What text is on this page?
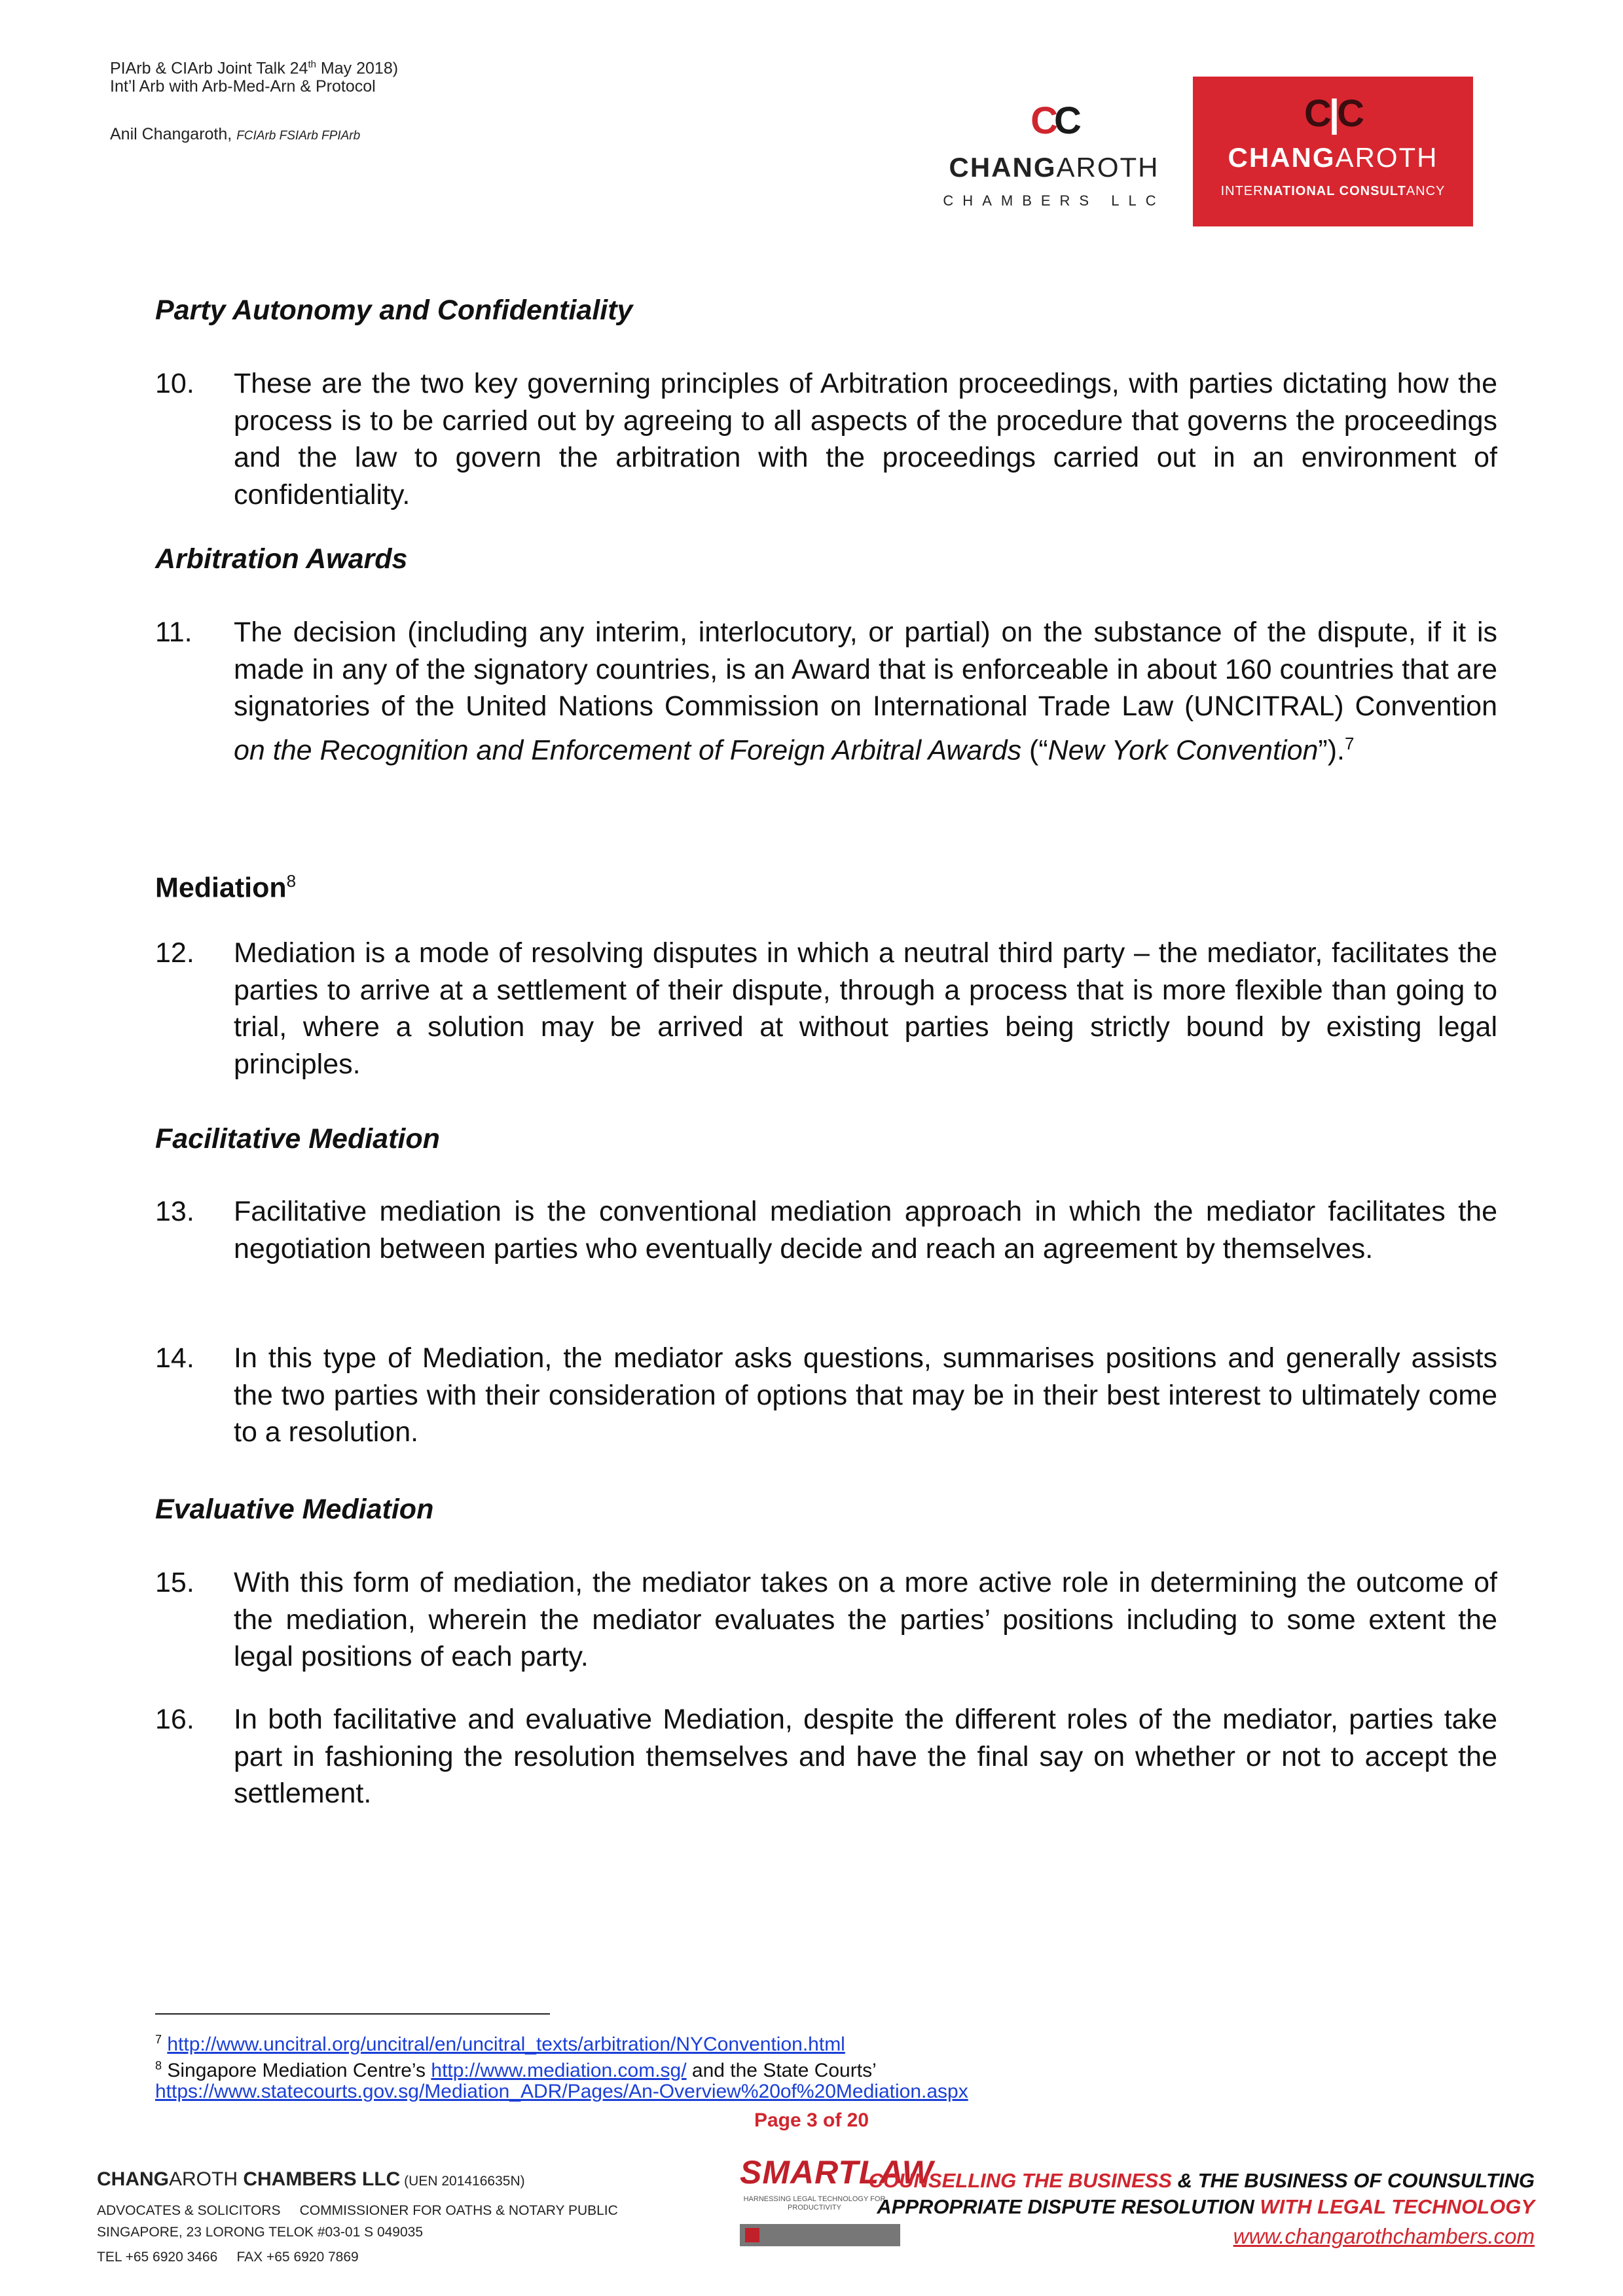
PIArb & CIArb Joint Talk 24th May 2018)
Int’l Arb with Arb-Med-Arn & Protocol
Anil Changaroth, FCIArb FSIArb FPIArb	CC
CHANGAROTH
CHAMBERS LLC
C|C
CHANGAROTH
INTERNATIONAL CONSULTANCY
Party Autonomy and Confidentiality
10. These are the two key governing principles of Arbitration proceedings, with parties dictating how the process is to be carried out by agreeing to all aspects of the procedure that governs the proceedings and the law to govern the arbitration with the proceedings carried out in an environment of confidentiality.
Arbitration Awards
11. The decision (including any interim, interlocutory, or partial) on the substance of the dispute, if it is made in any of the signatory countries, is an Award that is enforceable in about 160 countries that are signatories of the United Nations Commission on International Trade Law (UNCITRAL) Convention on the Recognition and Enforcement of Foreign Arbitral Awards (“New York Convention”).$^7$
Mediation$^8$
12. Mediation is a mode of resolving disputes in which a neutral third party – the mediator, facilitates the parties to arrive at a settlement of their dispute, through a process that is more flexible than going to trial, where a solution may be arrived at without parties being strictly bound by existing legal principles.
Facilitative Mediation
13. Facilitative mediation is the conventional mediation approach in which the mediator facilitates the negotiation between parties who eventually decide and reach an agreement by themselves.
14. In this type of Mediation, the mediator asks questions, summarises positions and generally assists the two parties with their consideration of options that may be in their best interest to ultimately come to a resolution.
Evaluative Mediation
15. With this form of mediation, the mediator takes on a more active role in determining the outcome of the mediation, wherein the mediator evaluates the parties’ positions including to some extent the legal positions of each party.
16. In both facilitative and evaluative Mediation, despite the different roles of the mediator, parties take part in fashioning the resolution themselves and have the final say on whether or not to accept the settlement.
$^7$ http://www.uncitral.org/uncitral/en/uncitral_texts/arbitration/NYConvention.html
$^8$ Singapore Mediation Centre’s http://www.mediation.com.sg/ and the State Courts’
https://www.statecourts.gov.sg/Mediation_ADR/Pages/An-Overview%20of%20Mediation.aspx
Page 3 of 20
CHANGAROTH CHAMBERS LLC (UEN 201416635N)
ADVOCATES & SOLICITORS     COMMISSIONER FOR OATHS & NOTARY PUBLIC
SINGAPORE, 23 LORONG TELOK #03-01 S 049035
TEL +65 6920 3466     FAX +65 6920 7869
SMARTLAW
HARNESSING LEGAL TECHNOLOGY FOR PRODUCTIVITY
COUNSELLING THE BUSINESS & THE BUSINESS OF COUNSULTING
APPROPRIATE DISPUTE RESOLUTION WITH LEGAL TECHNOLOGY
www.changarothchambers.com
